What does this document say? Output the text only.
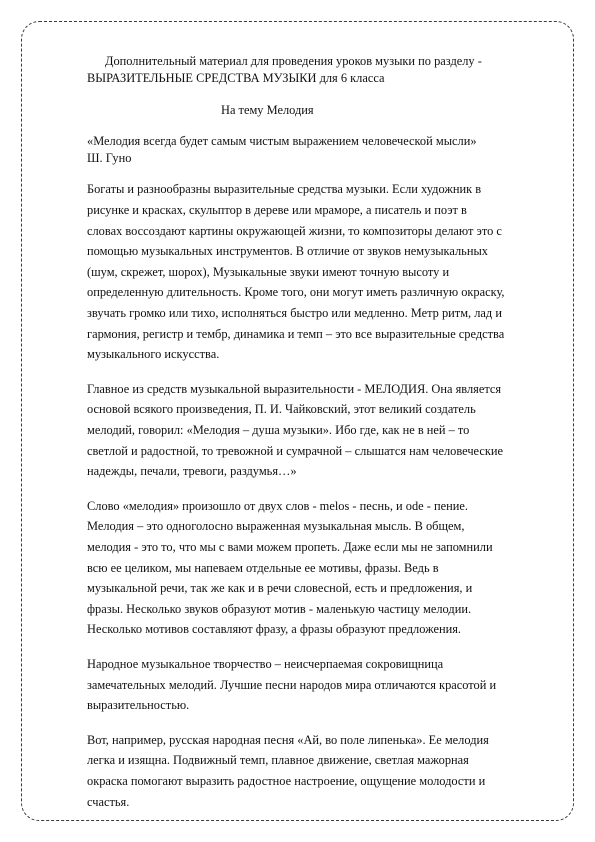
Дополнительный материал для проведения уроков музыки по разделу -
ВЫРАЗИТЕЛЬНЫЕ СРЕДСТВА МУЗЫКИ для 6 класса

На тему Мелодия

«Мелодия всегда будет самым чистым выражением человеческой мысли»
Ш. Гуно

Богаты и разнообразны выразительные средства музыки. Если художник в
рисунке и красках, скульптор в дереве или мраморе, а писатель и поэт в
словах воссоздают картины окружающей жизни, то композиторы делают это с
помощью музыкальных инструментов. В отличие от звуков немузыкальных
(шум, скрежет, шорох), Музыкальные звуки имеют точную высоту и
определенную длительность. Кроме того, они могут иметь различную окраску,
звучать громко или тихо, исполняться быстро или медленно. Метр ритм, лад и
гармония, регистр и тембр, динамика и темп – это все выразительные средства
музыкального искусства.

Главное из средств музыкальной выразительности - МЕЛОДИЯ. Она является
основой всякого произведения, П. И. Чайковский, этот великий создатель
мелодий, говорил: «Мелодия – душа музыки». Ибо где, как не в ней – то
светлой и радостной, то тревожной и сумрачной – слышатся нам человеческие
надежды, печали, тревоги, раздумья…»

Слово «мелодия» произошло от двух слов - melos - песнь, и ode - пение.
Мелодия – это одноголосно выраженная музыкальная мысль. В общем,
мелодия - это то, что мы с вами можем пропеть. Даже если мы не запомнили
всю ее целиком, мы напеваем отдельные ее мотивы, фразы. Ведь в
музыкальной речи, так же как и в речи словесной, есть и предложения, и
фразы. Несколько звуков образуют мотив - маленькую частицу мелодии.
Несколько мотивов составляют фразу, а фразы образуют предложения.

Народное музыкальное творчество – неисчерпаемая сокровищница
замечательных мелодий. Лучшие песни народов мира отличаются красотой и
выразительностью.

Вот, например, русская народная песня «Ай, во поле липенька». Ее мелодия
легка и изящна. Подвижный темп, плавное движение, светлая мажорная
окраска помогают выразить радостное настроение, ощущение молодости и
счастья.
